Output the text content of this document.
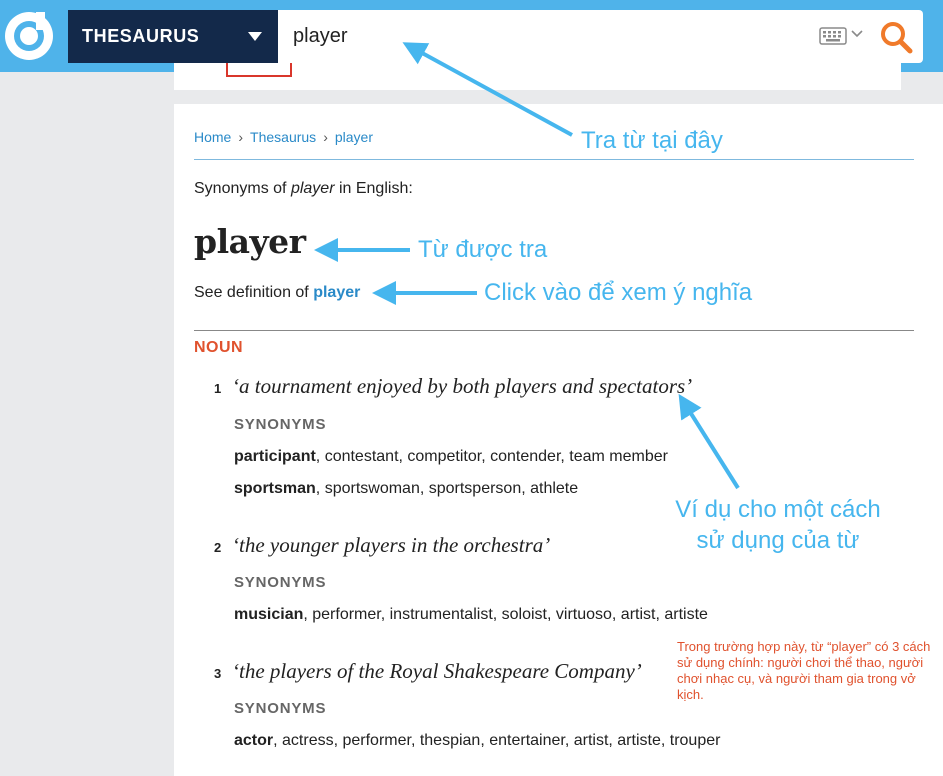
THESAURUS
player
Home › Thesaurus › player
Synonyms of player in English:
player
See definition of player
NOUN
1 ‘a tournament enjoyed by both players and spectators’
SYNONYMS
participant, contestant, competitor, contender, team member
sportsman, sportswoman, sportsperson, athlete
2 ‘the younger players in the orchestra’
SYNONYMS
musician, performer, instrumentalist, soloist, virtuoso, artist, artiste
3 ‘the players of the Royal Shakespeare Company’
SYNONYMS
actor, actress, performer, thespian, entertainer, artist, artiste, trouper
Tra từ tại đây
Từ được tra
Click vào để xem ý nghĩa
Ví dụ cho một cách
sử dụng của từ
Trong trường hợp này, từ “player” có 3 cách sử dụng chính: người chơi thể thao, người chơi nhạc cụ, và người tham gia trong vở kịch.
